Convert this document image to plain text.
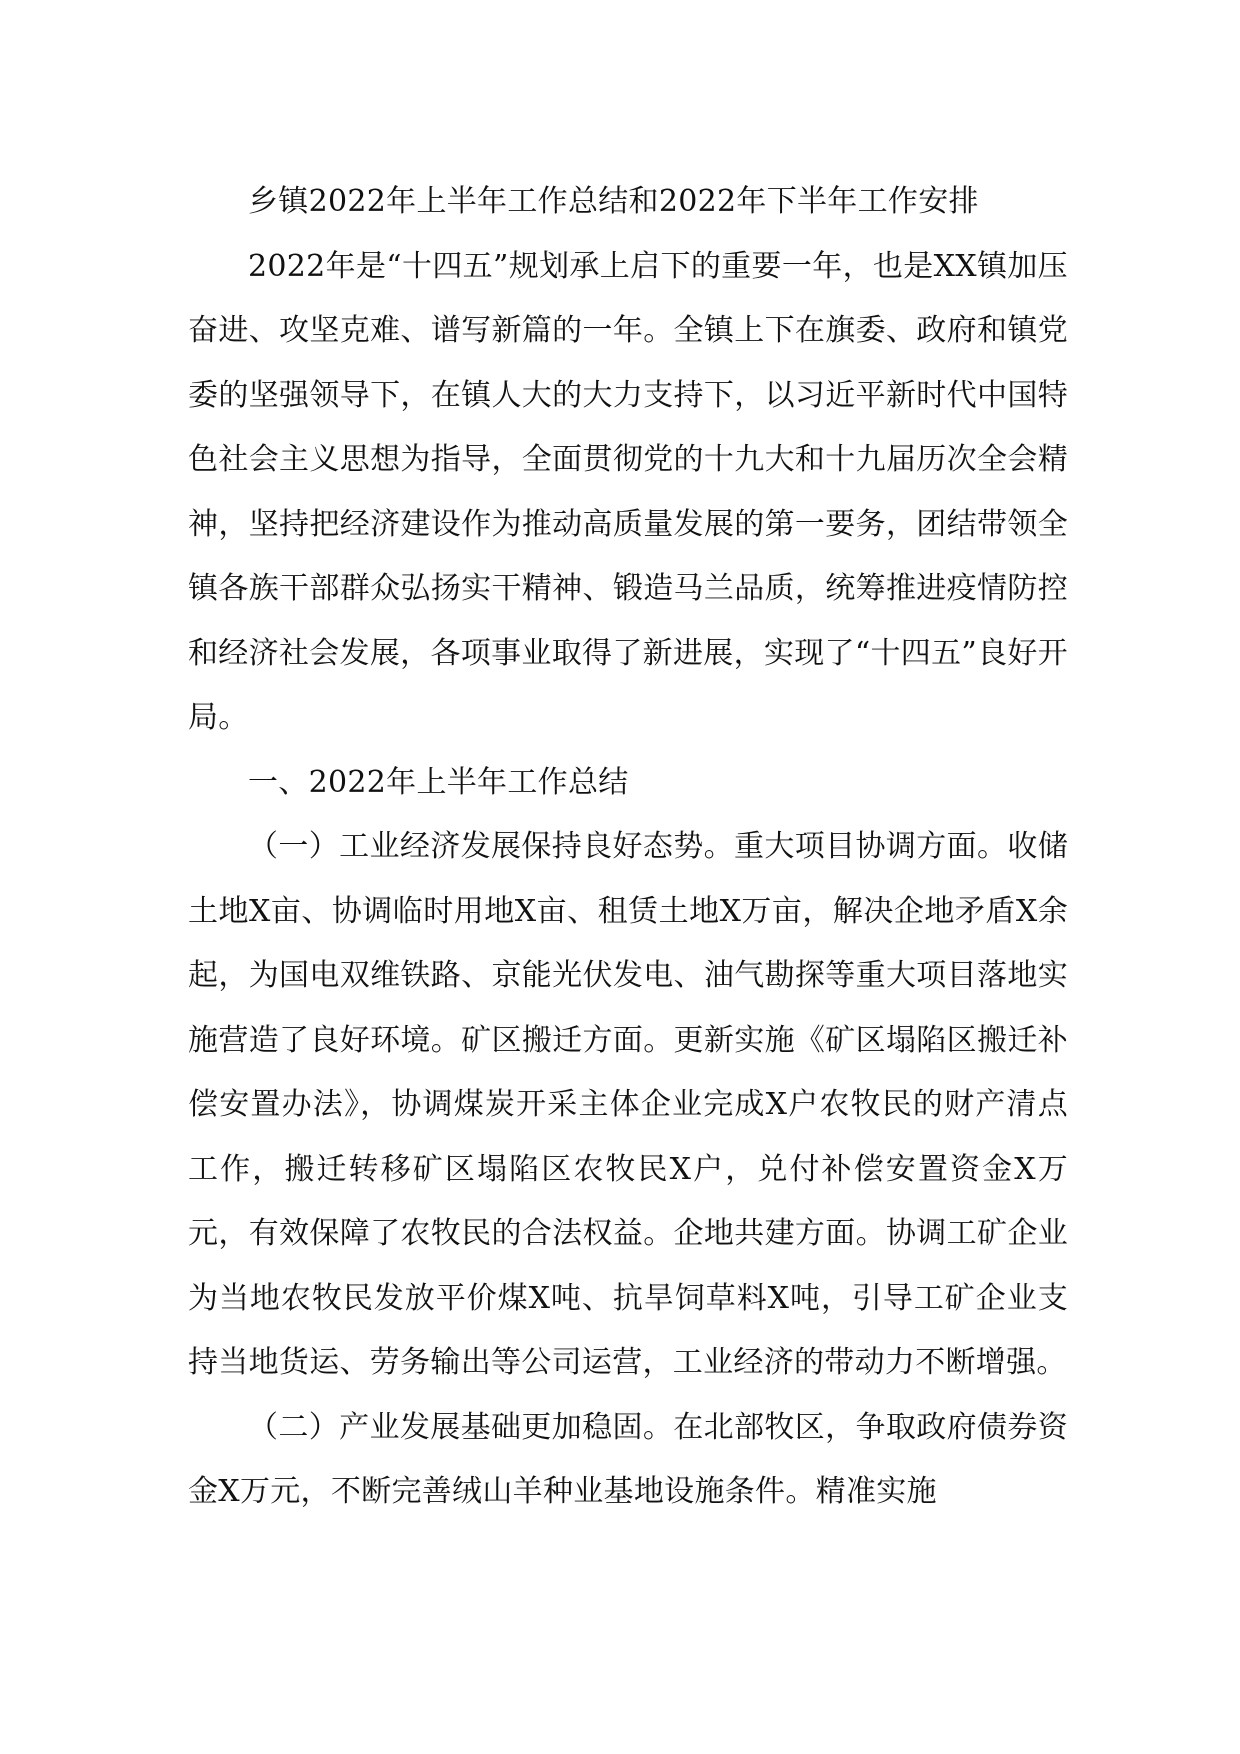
乡镇2022年上半年工作总结和2022年下半年工作安排

2022年是“十四五”规划承上启下的重要一年，也是XX镇加压奋进、攻坚克难、谱写新篇的一年。全镇上下在旗委、政府和镇党委的坚强领导下，在镇人大的大力支持下，以习近平新时代中国特色社会主义思想为指导，全面贯彻党的十九大和十九届历次全会精神，坚持把经济建设作为推动高质量发展的第一要务，团结带领全镇各族干部群众弘扬实干精神、锻造马兰品质，统筹推进疫情防控和经济社会发展，各项事业取得了新进展，实现了“十四五”良好开局。

一、2022年上半年工作总结

（一）工业经济发展保持良好态势。重大项目协调方面。收储土地X亩、协调临时用地X亩、租赁土地X万亩，解决企地矛盾X余起，为国电双维铁路、京能光伏发电、油气勘探等重大项目落地实施营造了良好环境。矿区搬迁方面。更新实施《矿区塌陷区搬迁补偿安置办法》，协调煤炭开采主体企业完成X户农牧民的财产清点工作，搬迁转移矿区塌陷区农牧民X户，兑付补偿安置资金X万元，有效保障了农牧民的合法权益。企地共建方面。协调工矿企业为当地农牧民发放平价煤X吨、抗旱饲草料X吨，引导工矿企业支持当地货运、劳务输出等公司运营，工业经济的带动力不断增强。

（二）产业发展基础更加稳固。在北部牧区，争取政府债券资金X万元，不断完善绒山羊种业基地设施条件。精准实施
